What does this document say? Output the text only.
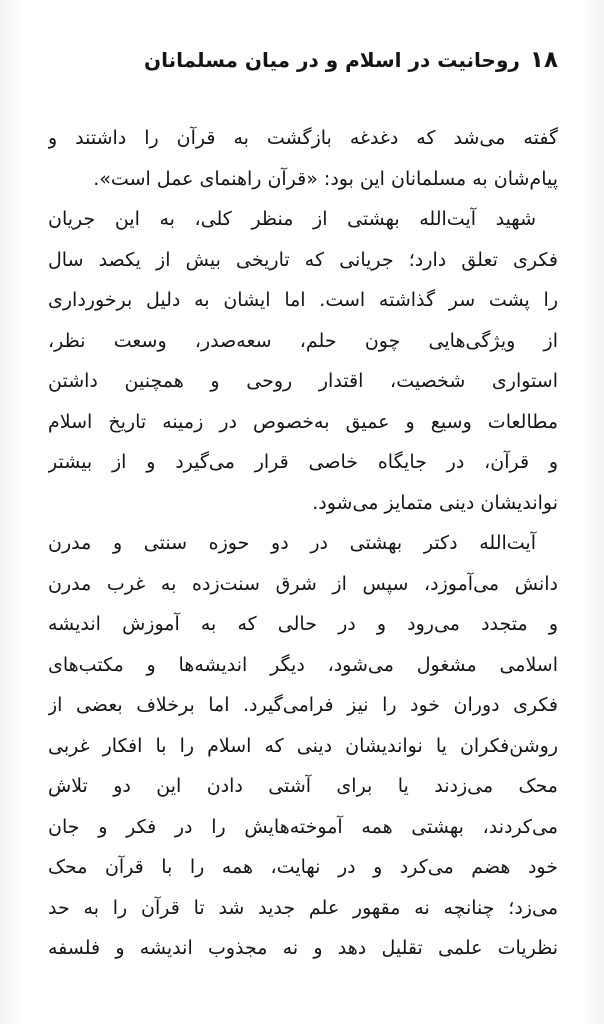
۱۸
روحانیت در اسلام و در میان مسلمانان
گفته می‌شد که دغدغه بازگشت به قرآن را داشتند و
پیام‌شان به مسلمانان این بود: «قرآن راهنمای عمل است».
شهید آیت‌الله بهشتی از منظر کلی، به این جریان
فکری تعلق دارد؛ جریانی که تاریخی بیش از یکصد سال
را پشت سر گذاشته است. اما ایشان به دلیل برخورداری
از ویژگی‌هایی چون حلم، سعه‌صدر، وسعت نظر،
استواری شخصیت، اقتدار روحی و همچنین داشتن
مطالعات وسیع و عمیق به‌خصوص در زمینه تاریخ اسلام
و قرآن، در جایگاه خاصی قرار می‌گیرد و از بیشتر
نواندیشان دینی متمایز می‌شود.
آیت‌الله دکتر بهشتی در دو حوزه سنتی و مدرن
دانش می‌آموزد، سپس از شرق سنت‌زده به غرب مدرن
و متجدد می‌رود و در حالی که به آموزش اندیشه
اسلامی مشغول می‌شود، دیگر اندیشه‌ها و مکتب‌های
فکری دوران خود را نیز فرامی‌گیرد. اما برخلاف بعضی از
روشن‌فکران یا نواندیشان دینی که اسلام را با افکار غربی
محک می‌زدند یا برای آشتی دادن این دو تلاش
می‌کردند، بهشتی همه آموخته‌هایش را در فکر و جان
خود هضم می‌کرد و در نهایت، همه را با قرآن محک
می‌زد؛ چنانچه نه مقهور علم جدید شد تا قرآن را به حد
نظریات علمی تقلیل دهد و نه مجذوب اندیشه و فلسفه
